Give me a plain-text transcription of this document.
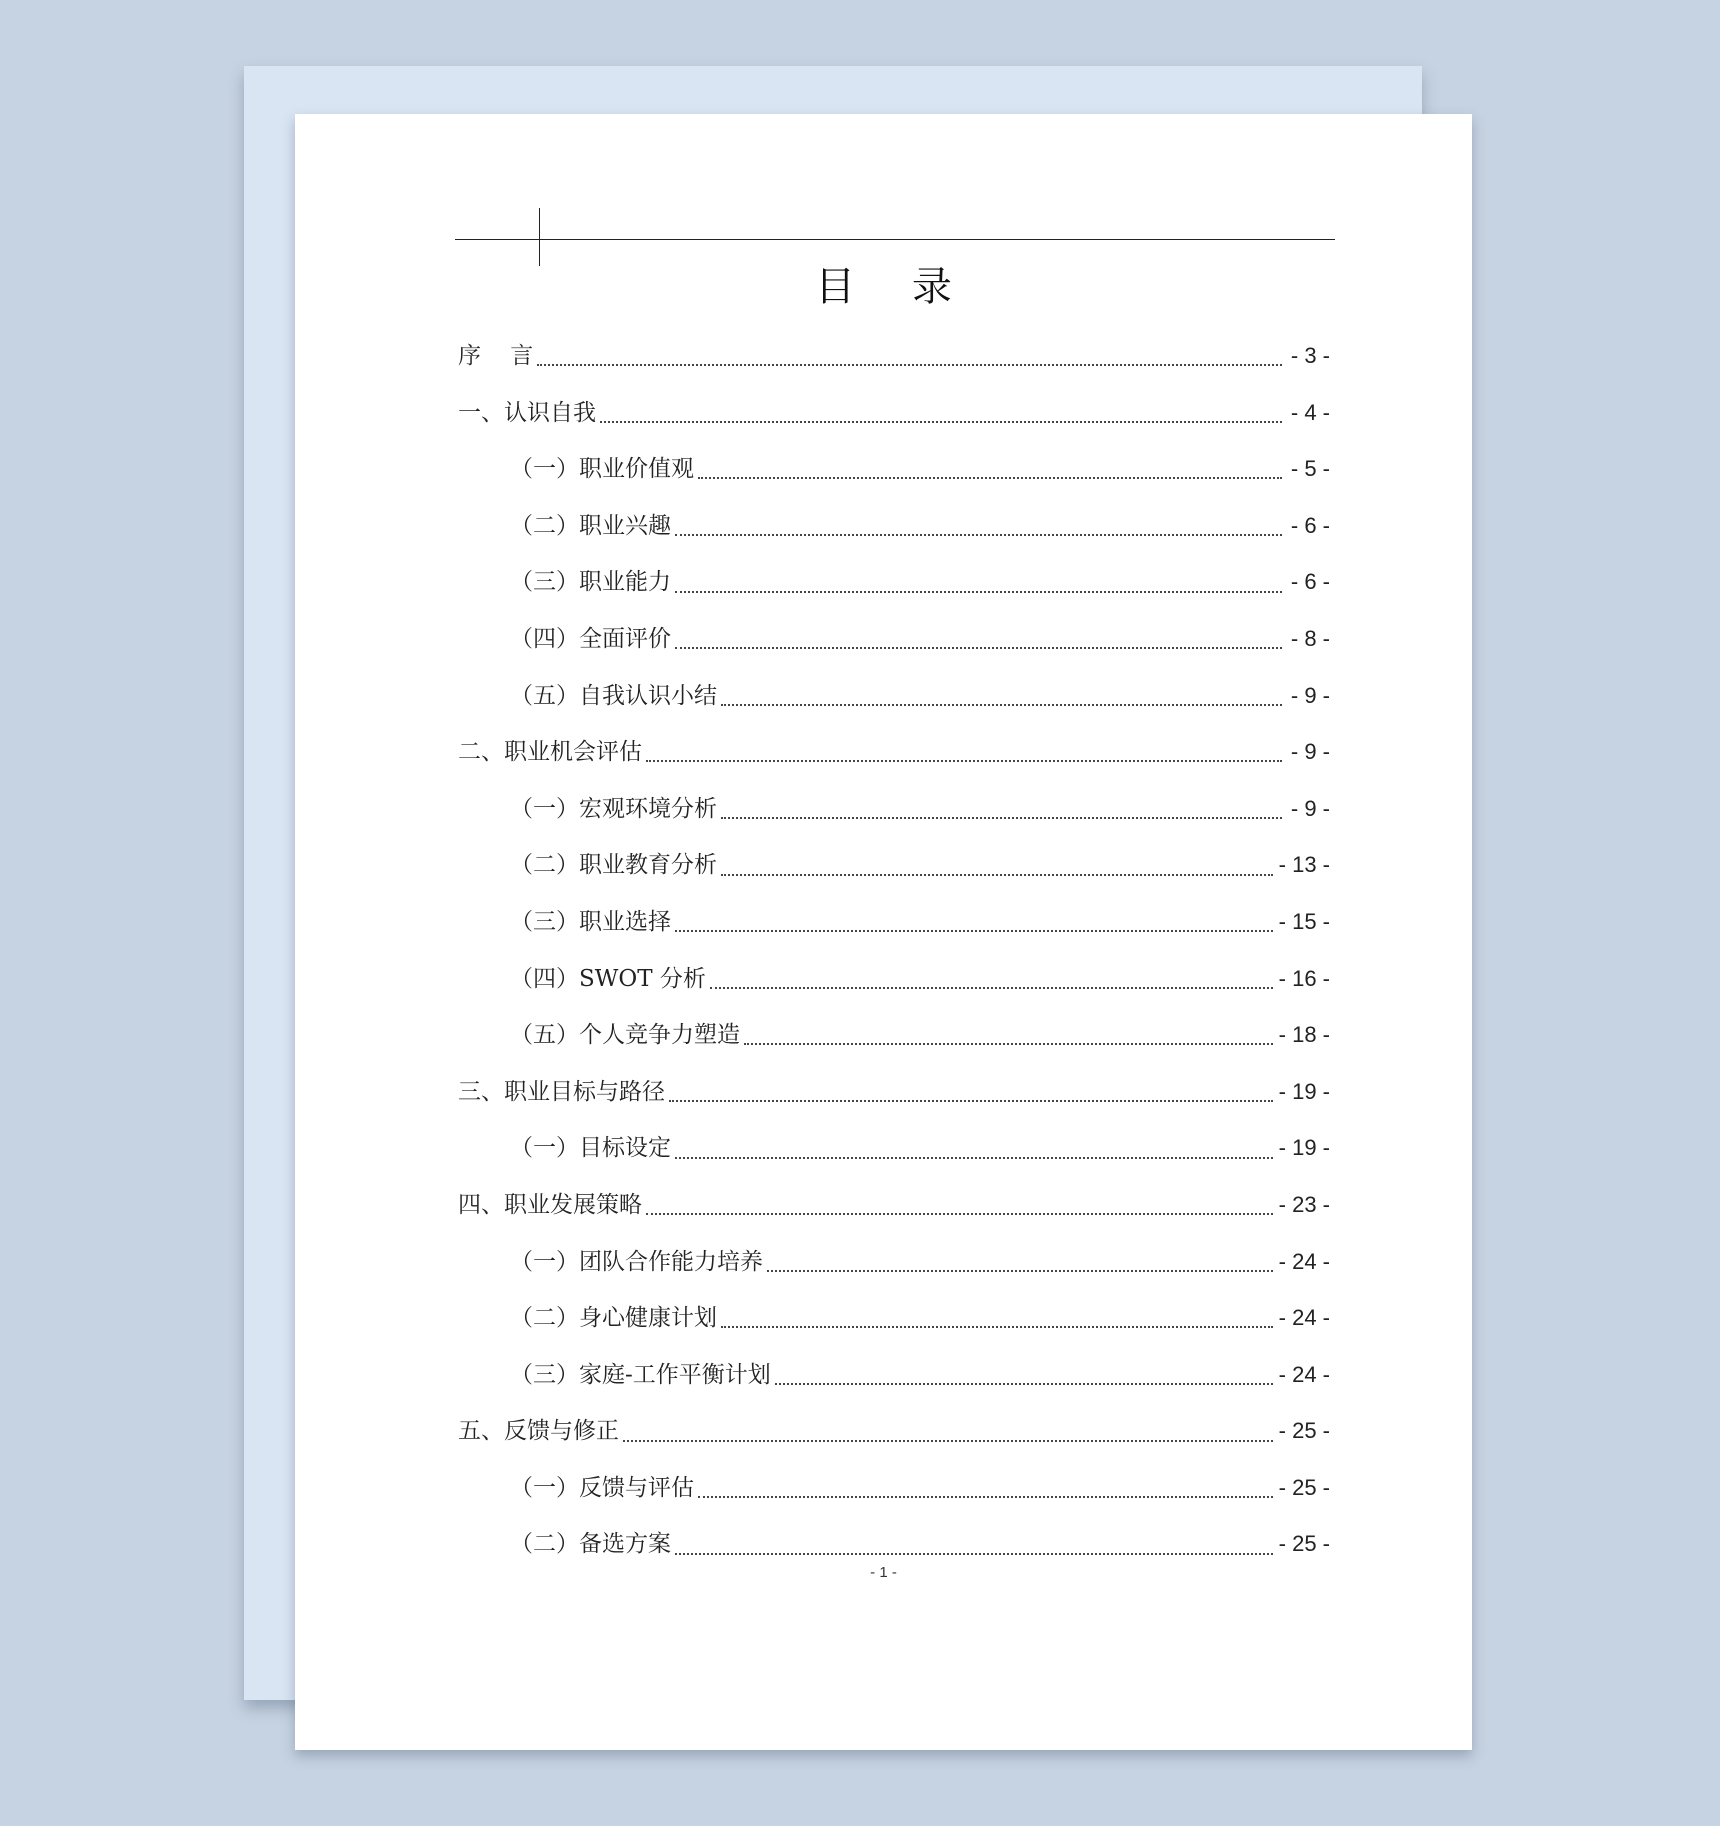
目 录
序    言	- 3 -
一、认识自我	- 4 -
（一）职业价值观	- 5 -
（二）职业兴趣	- 6 -
（三）职业能力	- 6 -
（四）全面评价	- 8 -
（五）自我认识小结	- 9 -
二、职业机会评估	- 9 -
（一）宏观环境分析	- 9 -
（二）职业教育分析	- 13 -
（三）职业选择	- 15 -
（四）SWOT 分析	- 16 -
（五）个人竞争力塑造	- 18 -
三、职业目标与路径	- 19 -
（一）目标设定	- 19 -
四、职业发展策略	- 23 -
（一）团队合作能力培养	- 24 -
（二）身心健康计划	- 24 -
（三）家庭-工作平衡计划	- 24 -
五、反馈与修正	- 25 -
（一）反馈与评估	- 25 -
（二）备选方案	- 25 -
- 1 -
